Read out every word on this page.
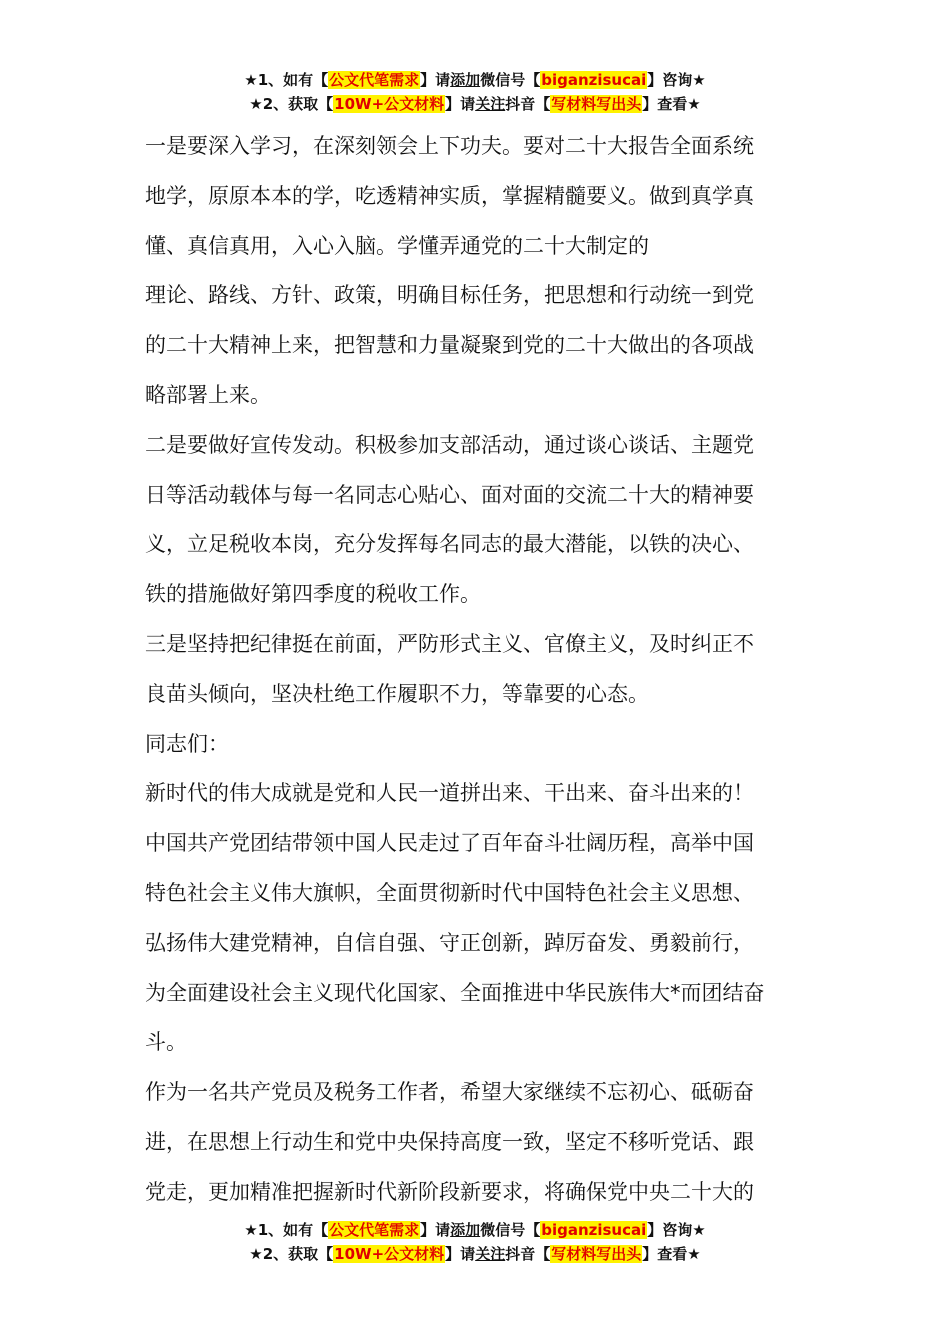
★1、如有【公文代笔需求】请添加微信号【biganzisucai】咨询★
★2、获取【10W+公文材料】请关注抖音【写材料写出头】查看★

一是要深入学习，在深刻领会上下功夫。要对二十大报告全面系统

地学，原原本本的学，吃透精神实质，掌握精髓要义。做到真学真

懂、真信真用，入心入脑。学懂弄通党的二十大制定的

理论、路线、方针、政策，明确目标任务，把思想和行动统一到党

的二十大精神上来，把智慧和力量凝聚到党的二十大做出的各项战

略部署上来。

二是要做好宣传发动。积极参加支部活动，通过谈心谈话、主题党

日等活动载体与每一名同志心贴心、面对面的交流二十大的精神要

义，立足税收本岗，充分发挥每名同志的最大潜能，以铁的决心、

铁的措施做好第四季度的税收工作。

三是坚持把纪律挺在前面，严防形式主义、官僚主义，及时纠正不

良苗头倾向，坚决杜绝工作履职不力，等靠要的心态。

同志们：

新时代的伟大成就是党和人民一道拼出来、干出来、奋斗出来的！

中国共产党团结带领中国人民走过了百年奋斗壮阔历程，高举中国

特色社会主义伟大旗帜，全面贯彻新时代中国特色社会主义思想、

弘扬伟大建党精神，自信自强、守正创新，踔厉奋发、勇毅前行，

为全面建设社会主义现代化国家、全面推进中华民族伟大*而团结奋

斗。

作为一名共产党员及税务工作者，希望大家继续不忘初心、砥砺奋

进，在思想上行动生和党中央保持高度一致，坚定不移听党话、跟

党走，更加精准把握新时代新阶段新要求，将确保党中央二十大的

★1、如有【公文代笔需求】请添加微信号【biganzisucai】咨询★
★2、获取【10W+公文材料】请关注抖音【写材料写出头】查看★
